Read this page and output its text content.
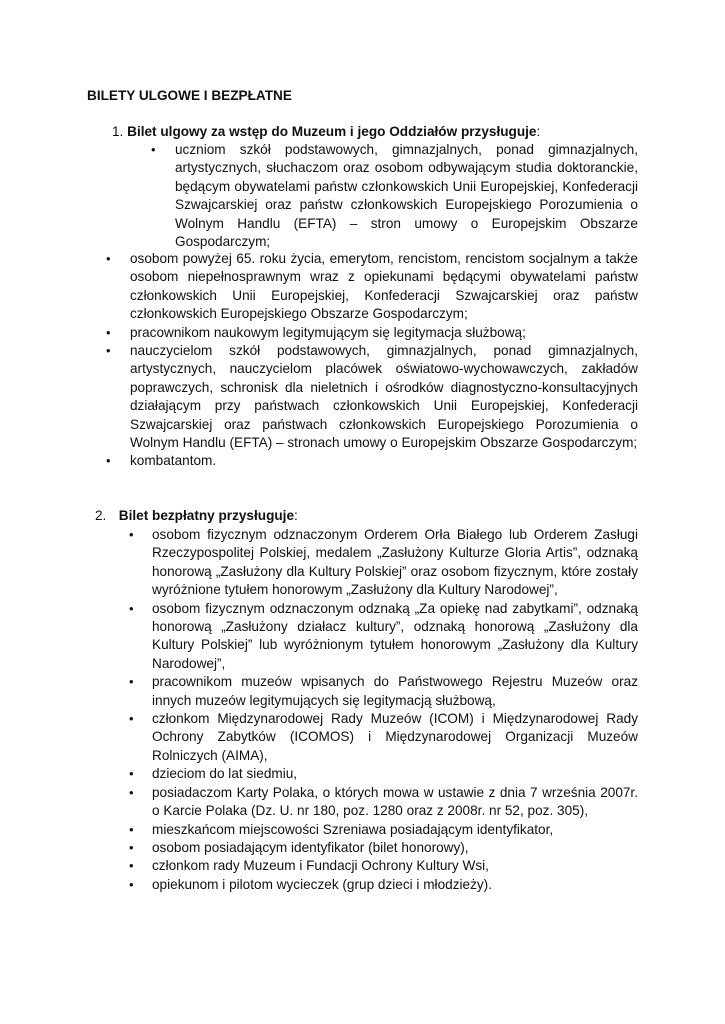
BILETY ULGOWE I BEZPŁATNE
1. Bilet ulgowy za wstęp do Muzeum i jego Oddziałów przysługuje:
• uczniom szkół podstawowych, gimnazjalnych, ponad gimnazjalnych, artystycznych, słuchaczom oraz osobom odbywającym studia doktoranckie, będącym obywatelami państw członkowskich Unii Europejskiej, Konfederacji Szwajcarskiej oraz państw członkowskich Europejskiego Porozumienia o Wolnym Handlu (EFTA) – stron umowy o Europejskim Obszarze Gospodarczym;
• osobom powyżej 65. roku życia, emerytom, rencistom, rencistom socjalnym a także osobom niepełnosprawnym wraz z opiekunami będącymi obywatelami państw członkowskich Unii Europejskiej, Konfederacji Szwajcarskiej oraz państw członkowskich Europejskiego Obszarze Gospodarczym;
• pracownikom naukowym legitymującym się legitymacja służbową;
• nauczycielom szkół podstawowych, gimnazjalnych, ponad gimnazjalnych, artystycznych, nauczycielom placówek oświatowo-wychowawczych, zakładów poprawczych, schronisk dla nieletnich i ośrodków diagnostyczno-konsultacyjnych działającym przy państwach członkowskich Unii Europejskiej, Konfederacji Szwajcarskiej oraz państwach członkowskich Europejskiego Porozumienia o Wolnym Handlu (EFTA) – stronach umowy o Europejskim Obszarze Gospodarczym;
• kombatantom.
2. Bilet bezpłatny przysługuje:
• osobom fizycznym odznaczonym Orderem Orła Białego lub Orderem Zasługi Rzeczypospolitej Polskiej, medalem „Zasłużony Kulturze Gloria Artis”, odznaką honorową „Zasłużony dla Kultury Polskiej” oraz osobom fizycznym, które zostały wyróżnione tytułem honorowym „Zasłużony dla Kultury Narodowej”,
• osobom fizycznym odznaczonym odznaką „Za opiekę nad zabytkami”, odznaką honorową „Zasłużony działacz kultury”, odznaką honorową „Zasłużony dla Kultury Polskiej” lub wyróżnionym tytułem honorowym „Zasłużony dla Kultury Narodowej”,
• pracownikom muzeów wpisanych do Państwowego Rejestru Muzeów oraz innych muzeów legitymujących się legitymacją służbową,
• członkom Międzynarodowej Rady Muzeów (ICOM) i Międzynarodowej Rady Ochrony Zabytków (ICOMOS) i Międzynarodowej Organizacji Muzeów Rolniczych (AIMA),
• dzieciom do lat siedmiu,
• posiadaczom Karty Polaka, o których mowa w ustawie z dnia 7 września 2007r. o Karcie Polaka (Dz. U. nr 180, poz. 1280 oraz z 2008r. nr 52, poz. 305),
• mieszkańcom miejscowości Szreniawa posiadającym identyfikator,
• osobom posiadającym identyfikator (bilet honorowy),
• członkom rady Muzeum i Fundacji Ochrony Kultury Wsi,
• opiekunom i pilotom wycieczek (grup dzieci i młodzieży).
